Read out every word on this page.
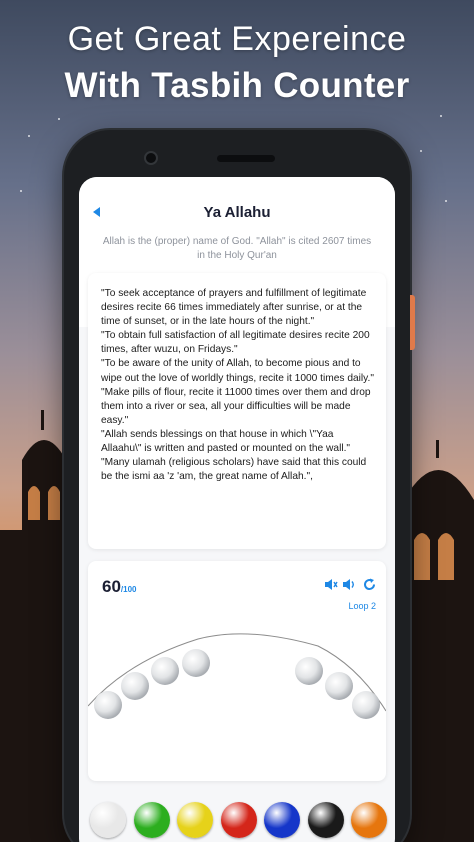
Get Great Expereince
With Tasbih Counter
Ya Allahu
Allah is the (proper) name of God. "Allah" is cited 2607 times in the Holy Qur'an

"To seek acceptance of prayers and fulfillment of legitimate desires recite 66 times immediately after sunrise, or at the time of sunset, or in the late hours of the night."
"To obtain full satisfaction of all legitimate desires recite 200 times, after wuzu, on Fridays."
"To be aware of the unity of Allah, to become pious and to wipe out the love of worldly things, recite it 1000 times daily."
"Make pills of flour, recite it 11000 times over them and drop them into a river or sea, all your difficulties will be made easy."
"Allah sends blessings on that house in which \"Yaa Allaahu\" is written and pasted or mounted on the wall."
"Many ulamah (religious scholars) have said that this could be the ismi aa 'z 'am, the great name of Allah.",

60/100
Loop 2
